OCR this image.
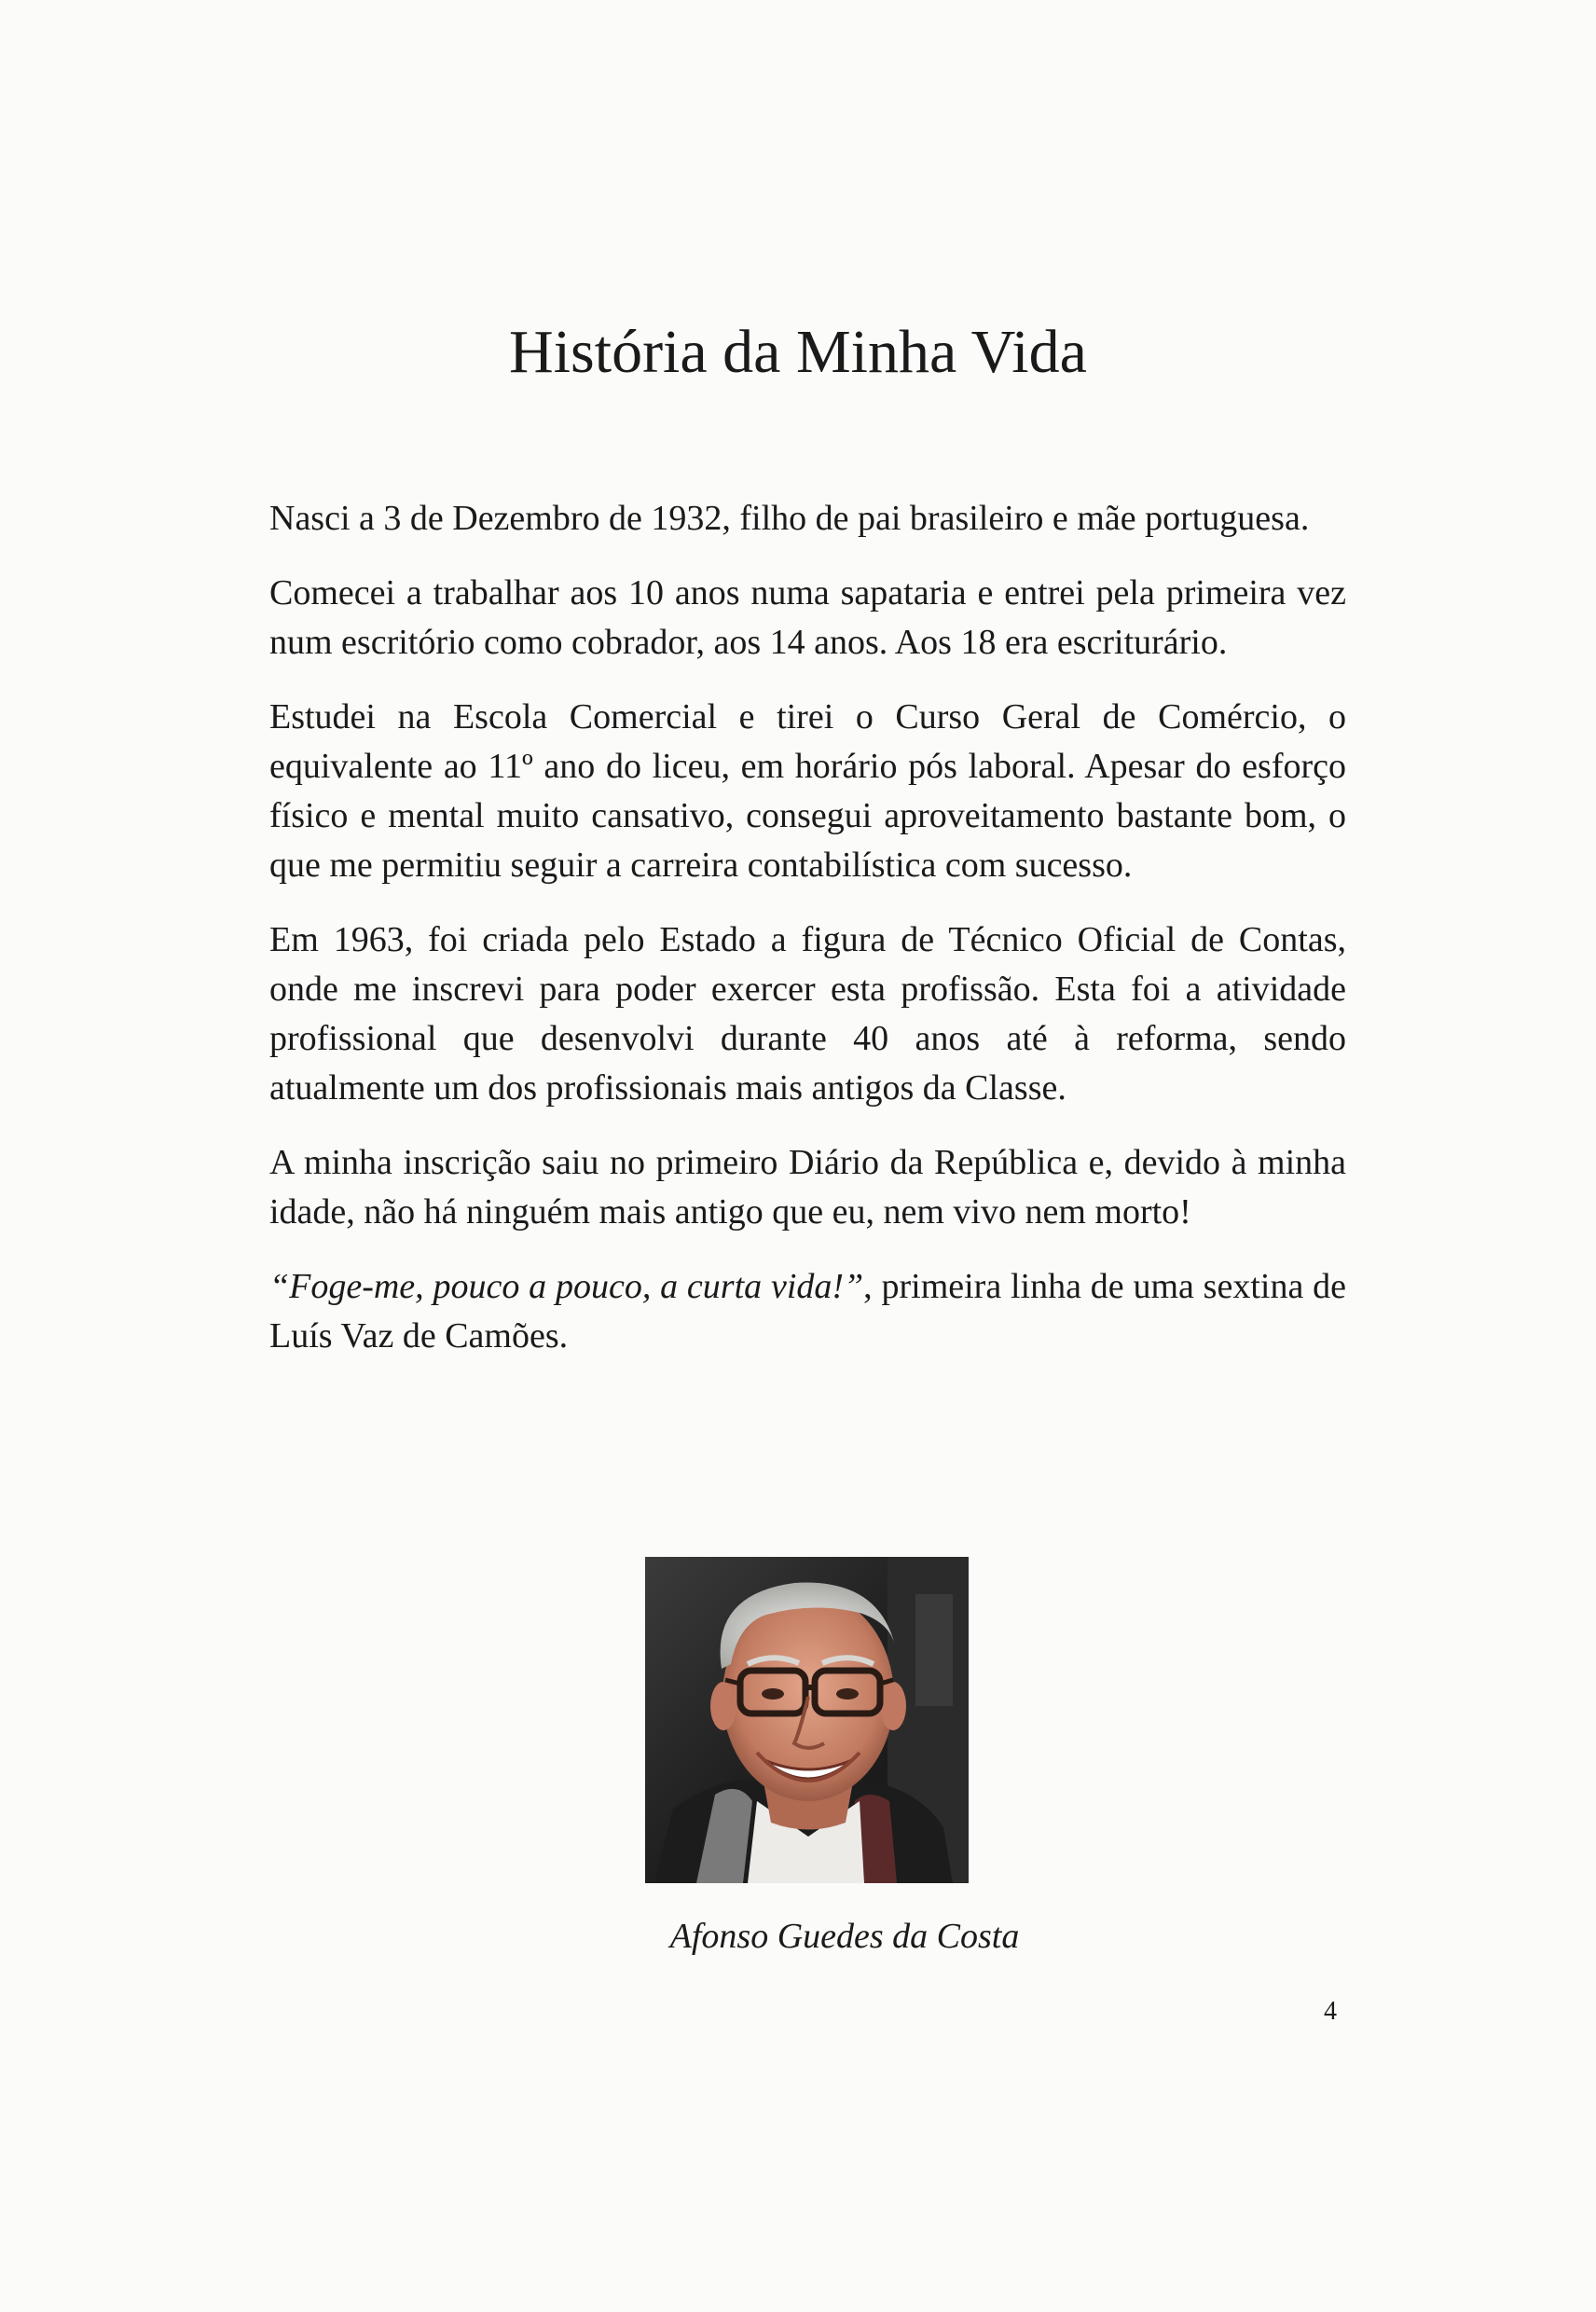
História da Minha Vida

Nasci a 3 de Dezembro de 1932, filho de pai brasileiro e mãe portuguesa.

Comecei a trabalhar aos 10 anos numa sapataria e entrei pela primeira vez num escritório como cobrador, aos 14 anos. Aos 18 era escriturário.

Estudei na Escola Comercial e tirei o Curso Geral de Comércio, o equivalente ao 11º ano do liceu, em horário pós laboral. Apesar do esforço físico e mental muito cansativo, consegui aproveitamento bastante bom, o que me permitiu seguir a carreira contabilística com sucesso.

Em 1963, foi criada pelo Estado a figura de Técnico Oficial de Contas, onde me inscrevi para poder exercer esta profissão. Esta foi a atividade profissional que desenvolvi durante 40 anos até à reforma, sendo atualmente um dos profissionais mais antigos da Classe.

A minha inscrição saiu no primeiro Diário da República e, devido à minha idade, não há ninguém mais antigo que eu, nem vivo nem morto!

“Foge-me, pouco a pouco, a curta vida!”, primeira linha de uma sextina de Luís Vaz de Camões.

Afonso Guedes da Costa
4
